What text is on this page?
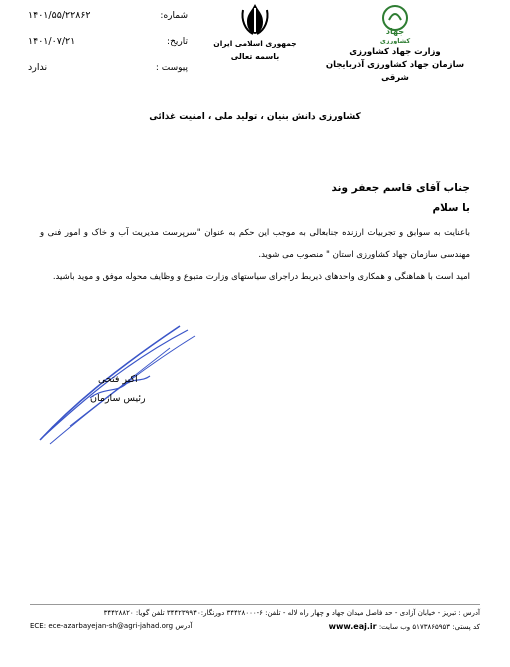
جهاد
کشاورزی
وزارت جهاد کشاورزی
سازمان جهاد کشاورزی آذربایجان شرقی
جمهوری اسلامی ایران
باسمه تعالی
شماره:
۱۴۰۱/۵۵/۲۲۸۶۲
تاریخ:
۱۴۰۱/۰۷/۲۱
پیوست :
ندارد
کشاورزی دانش بنیان ، تولید ملی ، امنیت غذائی
جناب آقای قاسم جعفر وند
با سلام

باعنایت به سوابق و تجربیات ارزنده جنابعالی به موجب این حکم به عنوان "سرپرست مدیریت آب و خاک و امور فنی و مهندسی سازمان جهاد کشاورزی استان " منصوب می شوید.

امید است با هماهنگی و همکاری واحدهای ذیربط دراجرای سیاستهای وزارت متبوع و وظایف محوله موفق و موید باشید.

اکبر فتحی
رئیس سازمان
آدرس : تبریز - خیابان آزادی - حد فاصل میدان جهاد و چهار راه لاله - تلفن: ۶-۳۴۴۲۸۰۰۰ دورنگار:۳۴۴۲۳۹۹۴۰ تلفن گویا: ۳۴۴۲۸۸۲۰
کد پستی: ۵۱۷۳۸۶۵۹۵۳ وب سایت: www.eaj.ir
آدرس ECE: ece-azarbayejan-sh@agri-jahad.org
